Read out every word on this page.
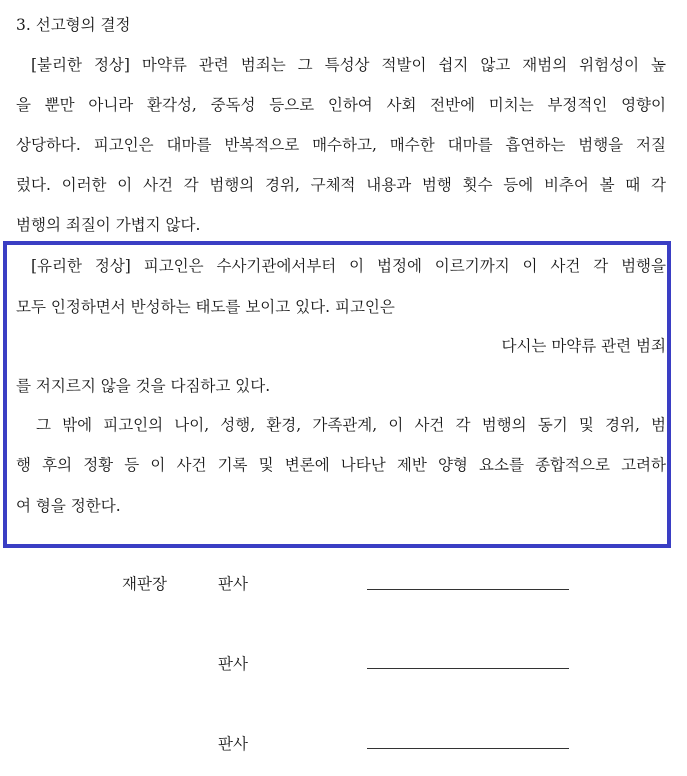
3. 선고형의 결정
[불리한 정상] 마약류 관련 범죄는 그 특성상 적발이 쉽지 않고 재범의 위험성이 높
을 뿐만 아니라 환각성, 중독성 등으로 인하여 사회 전반에 미치는 부정적인 영향이
상당하다. 피고인은 대마를 반복적으로 매수하고, 매수한 대마를 흡연하는 범행을 저질
렀다. 이러한 이 사건 각 범행의 경위, 구체적 내용과 범행 횟수 등에 비추어 볼 때 각
범행의 죄질이 가볍지 않다.
[유리한 정상] 피고인은 수사기관에서부터 이 법정에 이르기까지 이 사건 각 범행을
모두 인정하면서 반성하는 태도를 보이고 있다. 피고인은
다시는 마약류 관련 범죄
를 저지르지 않을 것을 다짐하고 있다.
그 밖에 피고인의 나이, 성행, 환경, 가족관계, 이 사건 각 범행의 동기 및 경위, 범
행 후의 정황 등 이 사건 기록 및 변론에 나타난 제반 양형 요소를 종합적으로 고려하
여 형을 정한다.
재판장	판사
판사
판사
